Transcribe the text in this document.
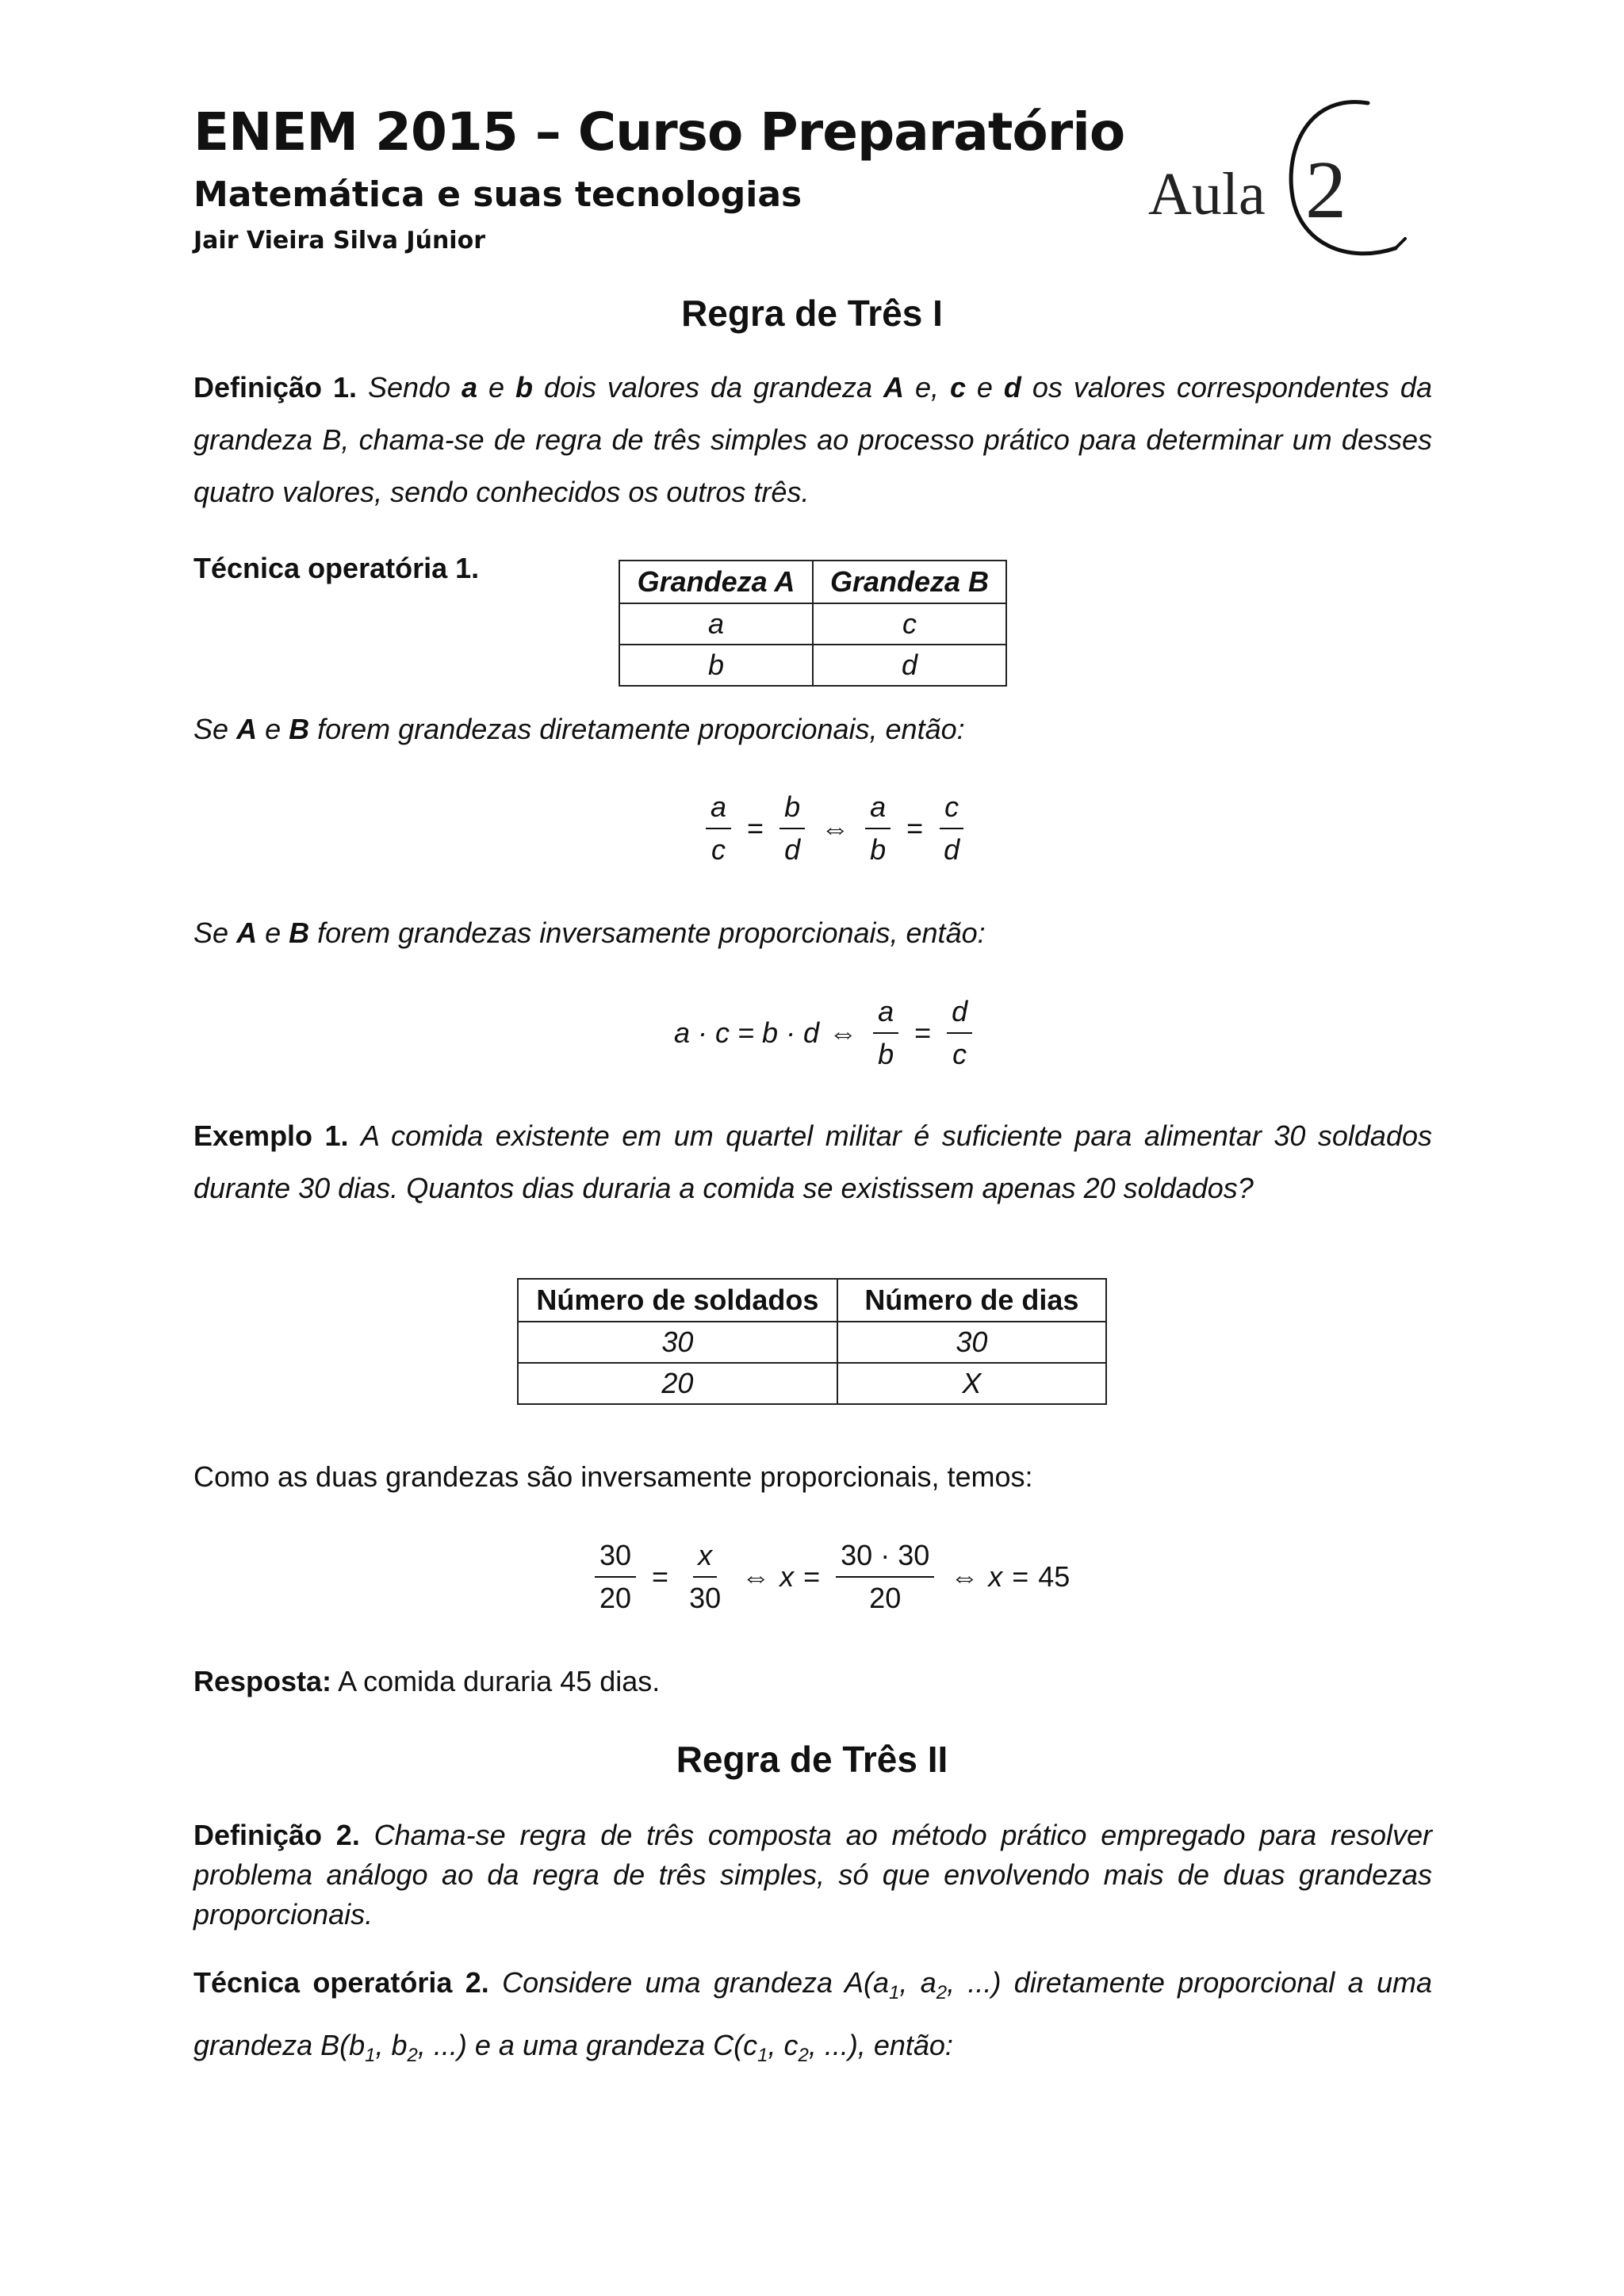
ENEM 2015 – Curso Preparatório
Matemática e suas tecnologias
Jair Vieira Silva Júnior
Aula 2
Regra de Três I
Definição 1. Sendo a e b dois valores da grandeza A e, c e d os valores correspondentes da grandeza B, chama-se de regra de três simples ao processo prático para determinar um desses quatro valores, sendo conhecidos os outros três.
Técnica operatória 1.	Grandeza A	Grandeza B
a	c
b	d
Se A e B forem grandezas diretamente proporcionais, então:
$\frac{a}{c} = \frac{b}{d}$ ⇔ $\frac{a}{b} = \frac{c}{d}$
Se A e B forem grandezas inversamente proporcionais, então:
a · c = b · d ⇔ $\frac{a}{b} = \frac{d}{c}$
Exemplo 1. A comida existente em um quartel militar é suficiente para alimentar 30 soldados durante 30 dias. Quantos dias duraria a comida se existissem apenas 20 soldados?
Número de soldados	Número de dias
30	30
20	X
Como as duas grandezas são inversamente proporcionais, temos:
$\frac{30}{20} = \frac{x}{30}$ ⇔ $x = \frac{30 \cdot 30}{20}$ ⇔ x = 45
Resposta: A comida duraria 45 dias.
Regra de Três II
Definição 2. Chama-se regra de três composta ao método prático empregado para resolver problema análogo ao da regra de três simples, só que envolvendo mais de duas grandezas proporcionais.
Técnica operatória 2. Considere uma grandeza $A(a_1$, $a_2$, ...) diretamente proporcional a uma grandeza $B(b_1$, $b_2$, ...) e a uma grandeza $C(c_1$, $c_2$, ...), então:
